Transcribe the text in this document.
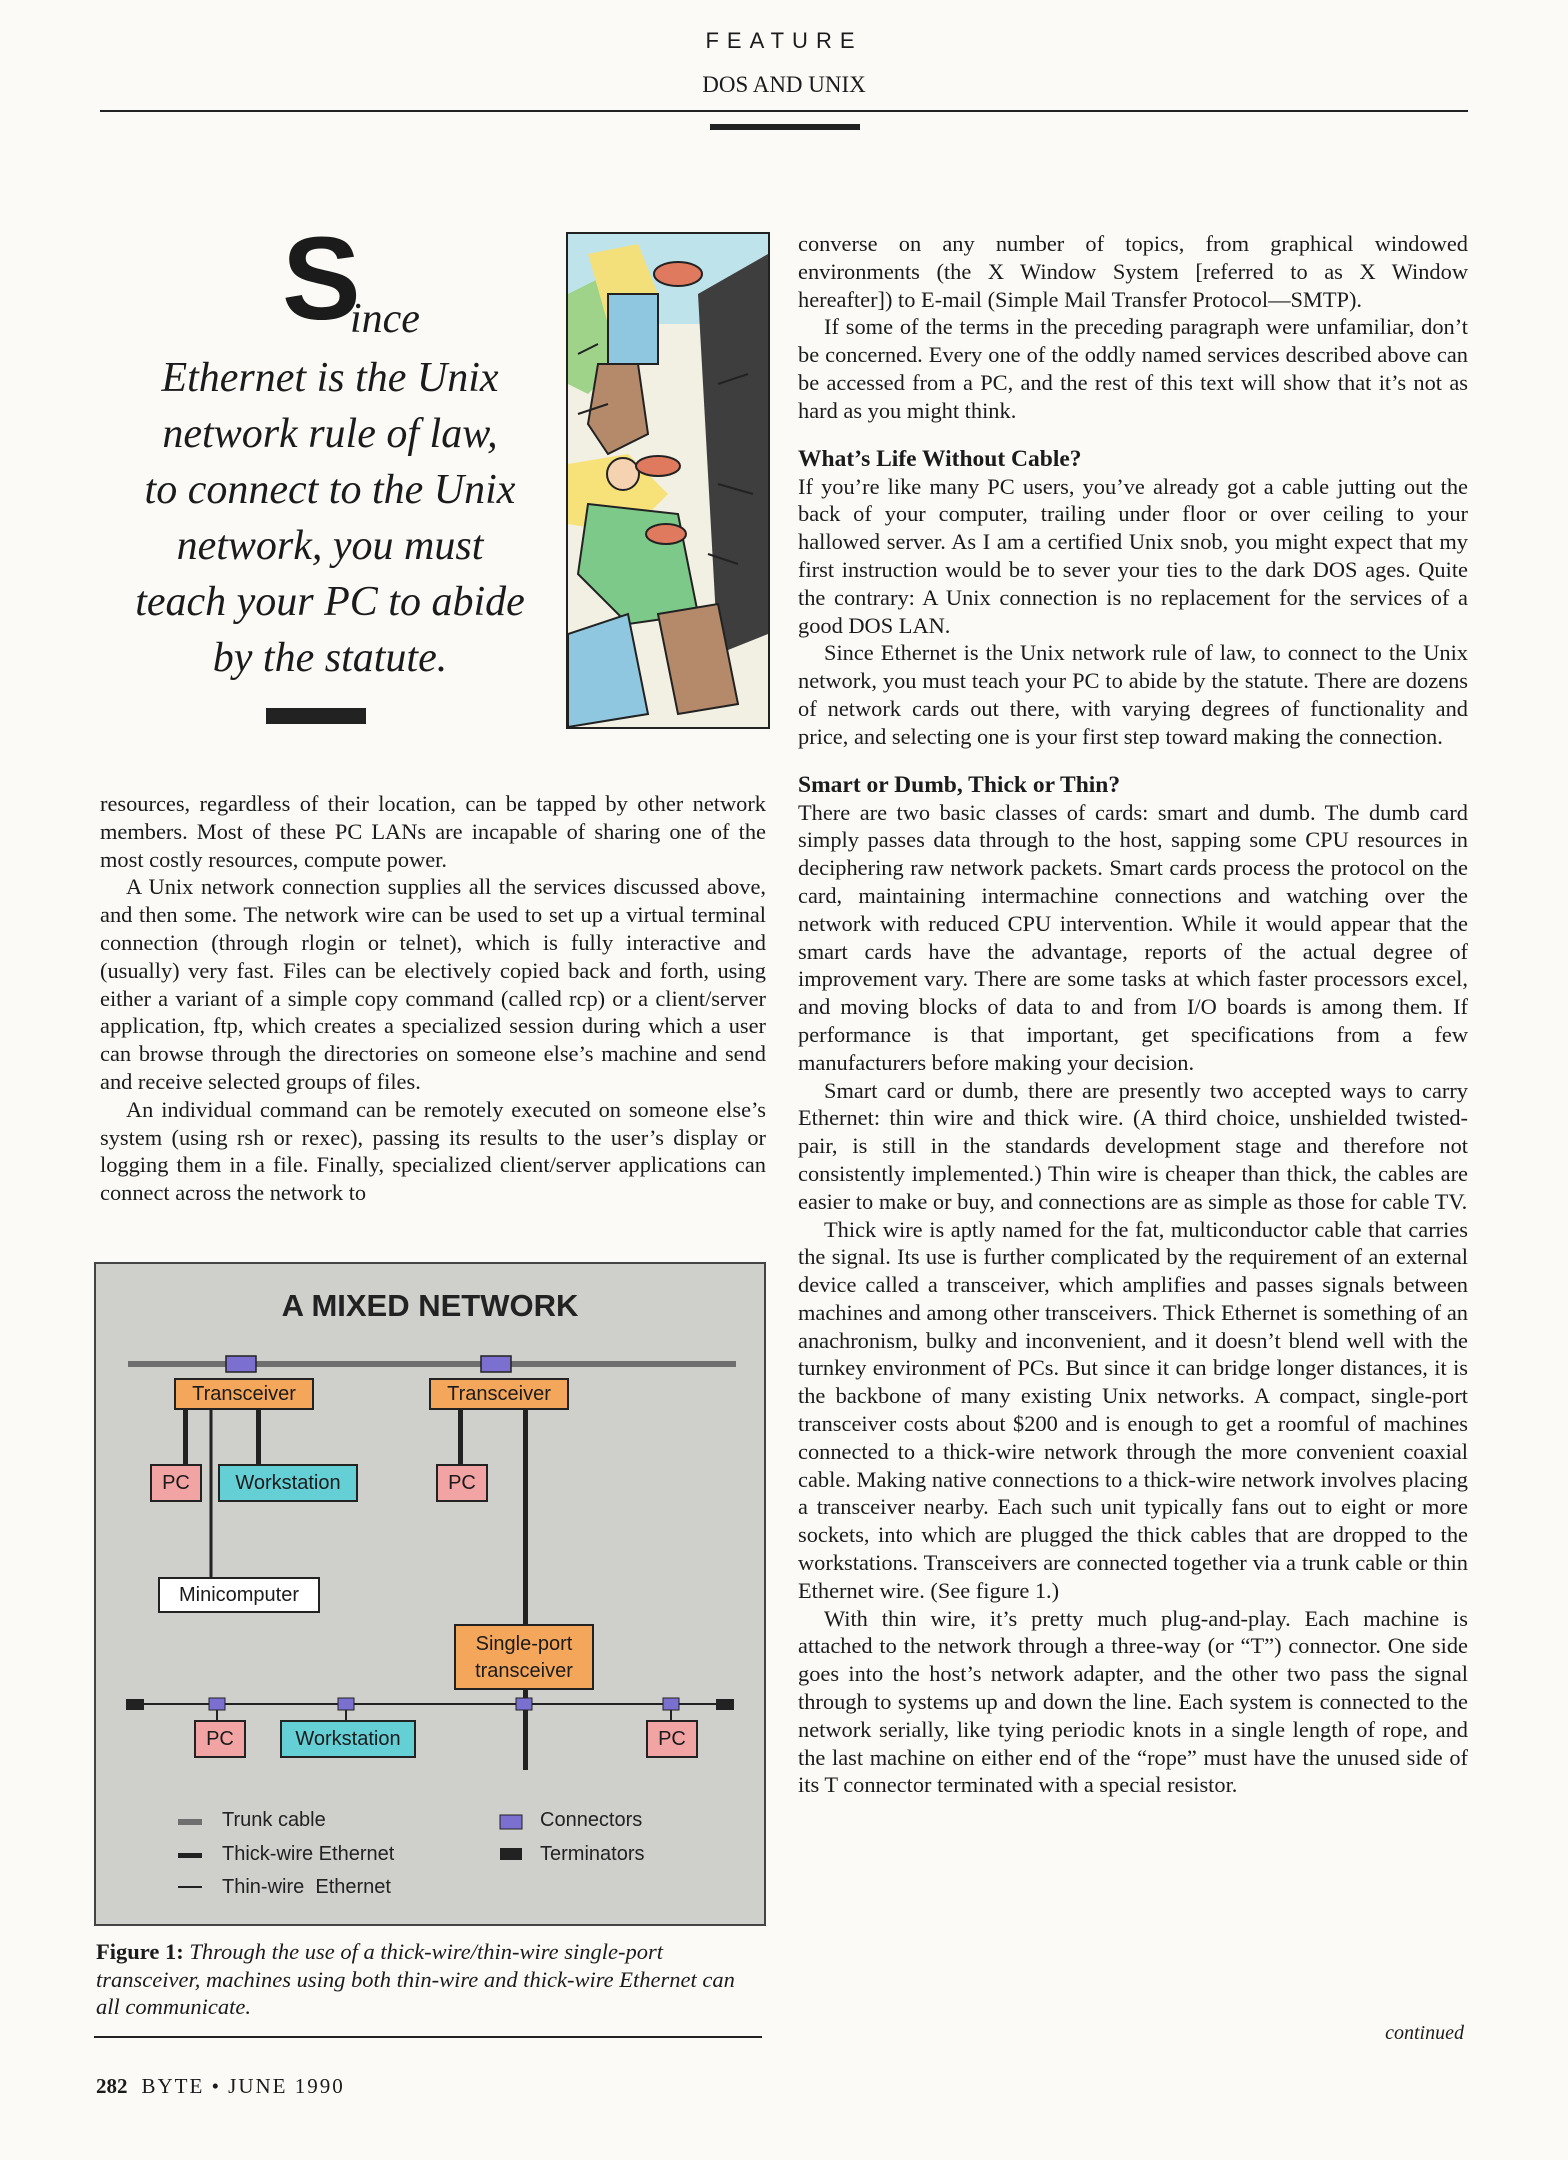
FEATURE
DOS AND UNIX
S
ince
Ethernet is the Unix
network rule of law,
to connect to the Unix
network, you must
teach your PC to abide
by the statute.

resources, regardless of their location, can be tapped by other network members. Most of these PC LANs are incapable of sharing one of the most costly resources, compute power.

A Unix network connection supplies all the services discussed above, and then some. The network wire can be used to set up a virtual terminal connection (through rlogin or telnet), which is fully interactive and (usually) very fast. Files can be electively copied back and forth, using either a variant of a simple copy command (called rcp) or a client/server application, ftp, which creates a specialized session during which a user can browse through the directories on someone else’s machine and send and receive selected groups of files.

An individual command can be remotely executed on someone else’s system (using rsh or rexec), passing its results to the user’s display or logging them in a file. Finally, specialized client/server applications can connect across the network to

converse on any number of topics, from graphical windowed environments (the X Window System [referred to as X Window hereafter]) to E-mail (Simple Mail Transfer Protocol—SMTP).

If some of the terms in the preceding paragraph were unfamiliar, don’t be concerned. Every one of the oddly named services described above can be accessed from a PC, and the rest of this text will show that it’s not as hard as you might think.

What’s Life Without Cable?

If you’re like many PC users, you’ve already got a cable jutting out the back of your computer, trailing under floor or over ceiling to your hallowed server. As I am a certified Unix snob, you might expect that my first instruction would be to sever your ties to the dark DOS ages. Quite the contrary: A Unix connection is no replacement for the services of a good DOS LAN.

Since Ethernet is the Unix network rule of law, to connect to the Unix network, you must teach your PC to abide by the statute. There are dozens of network cards out there, with varying degrees of functionality and price, and selecting one is your first step toward making the connection.

Smart or Dumb, Thick or Thin?

There are two basic classes of cards: smart and dumb. The dumb card simply passes data through to the host, sapping some CPU resources in deciphering raw network packets. Smart cards process the protocol on the card, maintaining intermachine connections and watching over the network with reduced CPU intervention. While it would appear that the smart cards have the advantage, reports of the actual degree of improvement vary. There are some tasks at which faster processors excel, and moving blocks of data to and from I/O boards is among them. If performance is that important, get specifications from a few manufacturers before making your decision.

Smart card or dumb, there are presently two accepted ways to carry Ethernet: thin wire and thick wire. (A third choice, unshielded twisted-pair, is still in the standards development stage and therefore not consistently implemented.) Thin wire is cheaper than thick, the cables are easier to make or buy, and connections are as simple as those for cable TV.

Thick wire is aptly named for the fat, multiconductor cable that carries the signal. Its use is further complicated by the requirement of an external device called a transceiver, which amplifies and passes signals between machines and among other transceivers. Thick Ethernet is something of an anachronism, bulky and inconvenient, and it doesn’t blend well with the turnkey environment of PCs. But since it can bridge longer distances, it is the backbone of many existing Unix networks. A compact, single-port transceiver costs about $200 and is enough to get a roomful of machines connected to a thick-wire network through the more convenient coaxial cable. Making native connections to a thick-wire network involves placing a transceiver nearby. Each such unit typically fans out to eight or more sockets, into which are plugged the thick cables that are dropped to the workstations. Transceivers are connected together via a trunk cable or thin Ethernet wire. (See figure 1.)

With thin wire, it’s pretty much plug-and-play. Each machine is attached to the network through a three-way (or “T”) connector. One side goes into the host’s network adapter, and the other two pass the signal through to systems up and down the line. Each system is connected to the network serially, like tying periodic knots in a single length of rope, and the last machine on either end of the “rope” must have the unused side of its T connector terminated with a special resistor.

A MIXED NETWORK
Transceiver	Transceiver
PC	Workstation	PC
Minicomputer
Single-port
transceiver
PC	Workstation	PC
Trunk cable
Thick-wire Ethernet
Thin-wire  Ethernet
Connectors
Terminators
Figure 1: Through the use of a thick-wire/thin-wire single-port transceiver, machines using both thin-wire and thick-wire Ethernet can all communicate.
continued
282 BYTE • JUNE 1990
